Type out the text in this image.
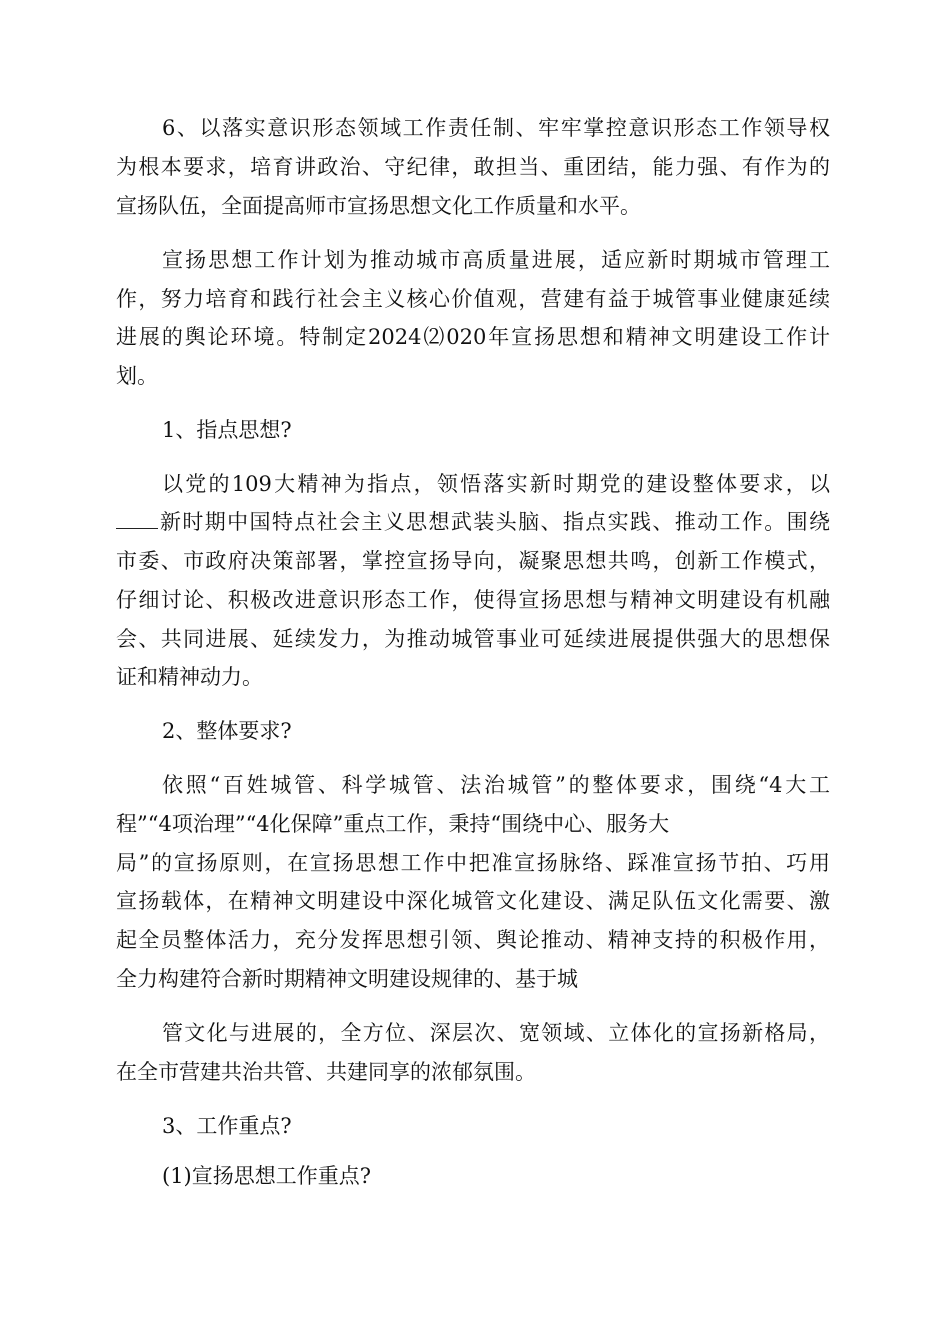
6、以落实意识形态领域工作责任制、牢牢掌控意识形态工作领导权
为根本要求，培育讲政治、守纪律，敢担当、重团结，能力强、有作为的
宣扬队伍，全面提高师市宣扬思想文化工作质量和水平。
宣扬思想工作计划为推动城市高质量进展，适应新时期城市管理工
作，努力培育和践行社会主义核心价值观，营建有益于城管事业健康延续
进展的舆论环境。特制定2024⑵020年宣扬思想和精神文明建设工作计
划。
1、指点思想?
以党的109大精神为指点，领悟落实新时期党的建设整体要求，以
新时期中国特点社会主义思想武装头脑、指点实践、推动工作。围绕
市委、市政府决策部署，掌控宣扬导向，凝聚思想共鸣，创新工作模式，
仔细讨论、积极改进意识形态工作，使得宣扬思想与精神文明建设有机融
会、共同进展、延续发力，为推动城管事业可延续进展提供强大的思想保
证和精神动力。
2、整体要求?
依照“百姓城管、科学城管、法治城管”的整体要求，围绕“4大工
程”“4项治理”“4化保障”重点工作，秉持“围绕中心、服务大
局”的宣扬原则，在宣扬思想工作中把准宣扬脉络、踩准宣扬节拍、巧用
宣扬载体，在精神文明建设中深化城管文化建设、满足队伍文化需要、激
起全员整体活力，充分发挥思想引领、舆论推动、精神支持的积极作用，
全力构建符合新时期精神文明建设规律的、基于城
管文化与进展的，全方位、深层次、宽领域、立体化的宣扬新格局，
在全市营建共治共管、共建同享的浓郁氛围。
3、工作重点?
(1)宣扬思想工作重点?
